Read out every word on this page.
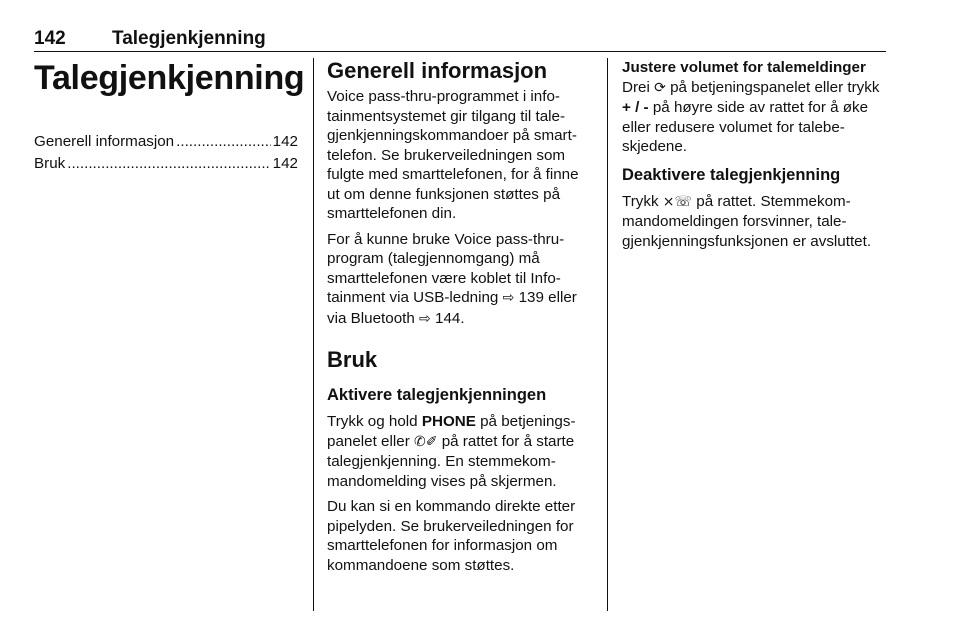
142 Talegjenkjenning
Talegjenkjenning
Generell informasjon .....	142
Bruk .....	142
Generell informasjon

Voice pass-thru-programmet i info-tainmentsystemet gir tilgang til tale-gjenkjenningskommandoer på smart-telefon. Se brukerveiledningen som fulgte med smarttelefonen, for å finne ut om denne funksjonen støttes på smarttelefonen din.

For å kunne bruke Voice pass-thru-program (talegjennomgang) må smarttelefonen være koblet til Info-tainment via USB-ledning ⇨ 139 eller via Bluetooth ⇨ 144.

Bruk
Aktivere talegjenkjenningen

Trykk og hold PHONE på betjenings-panelet eller ✆✐ på rattet for å starte talegjenkjenning. En stemmekom-mandomelding vises på skjermen.

Du kan si en kommando direkte etter pipelyden. Se brukerveiledningen for smarttelefonen for informasjon om kommandoene som støttes.

Justere volumet for talemeldinger

Drei ⟳ på betjeningspanelet eller trykk + / - på høyre side av rattet for å øke eller redusere volumet for talebe-skjedene.

Deaktivere talegjenkjenning

Trykk ⨯☏ på rattet. Stemmekom-mandomeldingen forsvinner, tale-gjenkjenningsfunksjonen er avsluttet.
